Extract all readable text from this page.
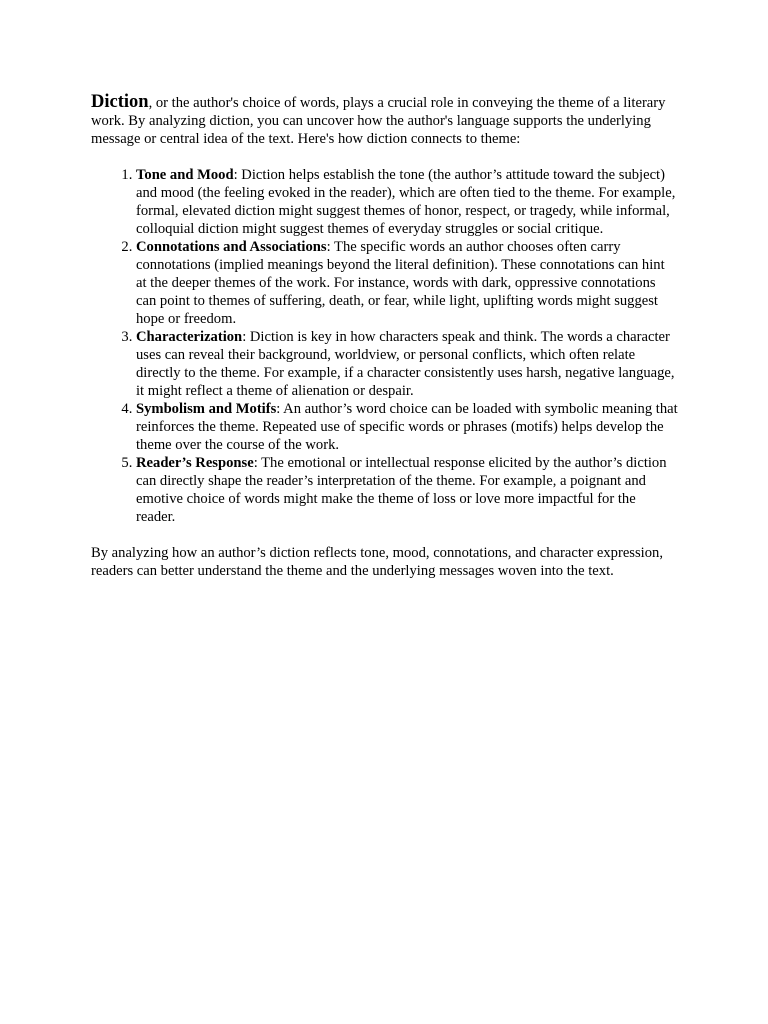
Diction, or the author's choice of words, plays a crucial role in conveying the theme of a literary work. By analyzing diction, you can uncover how the author's language supports the underlying message or central idea of the text. Here's how diction connects to theme:

1. Tone and Mood: Diction helps establish the tone (the author’s attitude toward the subject) and mood (the feeling evoked in the reader), which are often tied to the theme. For example, formal, elevated diction might suggest themes of honor, respect, or tragedy, while informal, colloquial diction might suggest themes of everyday struggles or social critique.
2. Connotations and Associations: The specific words an author chooses often carry connotations (implied meanings beyond the literal definition). These connotations can hint at the deeper themes of the work. For instance, words with dark, oppressive connotations can point to themes of suffering, death, or fear, while light, uplifting words might suggest hope or freedom.
3. Characterization: Diction is key in how characters speak and think. The words a character uses can reveal their background, worldview, or personal conflicts, which often relate directly to the theme. For example, if a character consistently uses harsh, negative language, it might reflect a theme of alienation or despair.
4. Symbolism and Motifs: An author’s word choice can be loaded with symbolic meaning that reinforces the theme. Repeated use of specific words or phrases (motifs) helps develop the theme over the course of the work.
5. Reader’s Response: The emotional or intellectual response elicited by the author’s diction can directly shape the reader’s interpretation of the theme. For example, a poignant and emotive choice of words might make the theme of loss or love more impactful for the reader.

By analyzing how an author’s diction reflects tone, mood, connotations, and character expression, readers can better understand the theme and the underlying messages woven into the text.
